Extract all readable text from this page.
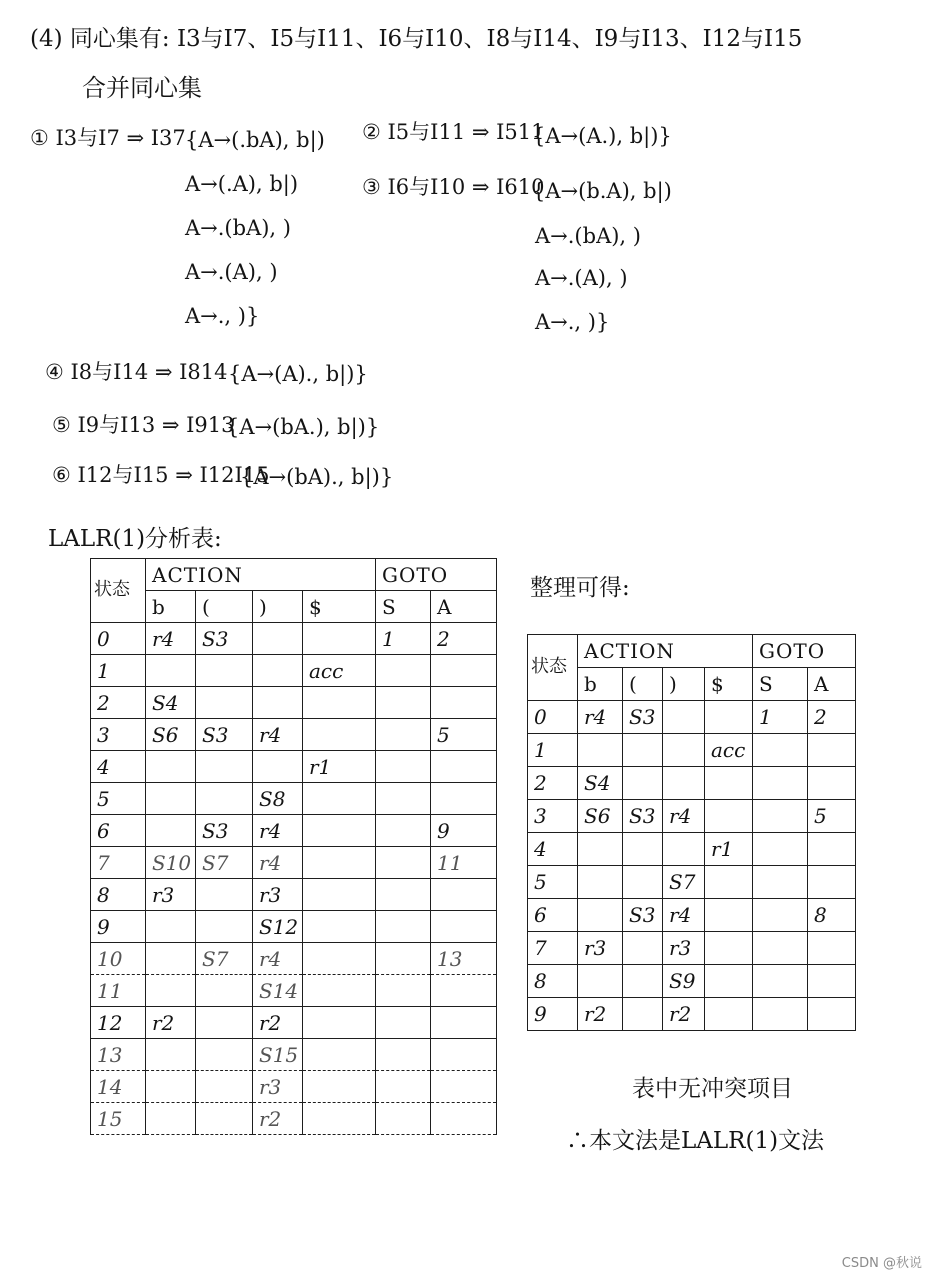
(4) 同心集有: I3与I7、I5与I11、I6与I10、I8与I14、I9与I13、I12与I15
合并同心集
① I3与I7 ⇒ I37 {A→(.bA), b|)
A→(.A), b|)
A→.(bA), )
A→.(A), )
A→., )}
② I5与I11 ⇒ I511
{A→(A.), b|)}
③ I6与I10 ⇒ I610
{A→(b.A), b|)
A→.(bA), )
A→.(A), )
A→., )}
④ I8与I14 ⇒ I814 {A→(A)., b|)}
⑤ I9与I13 ⇒ I913
{A→(bA.), b|)}
⑥ I12与I15 ⇒ I12I15
{A→(bA)., b|)}
LALR(1)分析表:
状态	ACTION				GOTO	
	b	(	)	$	S	A
0	r4	S3			1	2
1				acc		
2	S4					
3	S6	S3	r4			5
4				r1		
5			S8			
6		S3	r4			9
7	S10	S7	r4			11
8	r3		r3			
9			S12			
10		S7	r4			13
11			S14			
12	r2		r2			
13			S15			
14			r3			
15			r2			
整理可得:
状态	ACTION				GOTO	
	b	(	)	$	S	A
0	r4	S3			1	2
1				acc		
2	S4					
3	S6	S3	r4			5
4				r1		
5			S7			
6		S3	r4			8
7	r3		r3			
8			S9			
9	r2		r2			
表中无冲突项目
∴本文法是LALR(1)文法
CSDN @秋说
